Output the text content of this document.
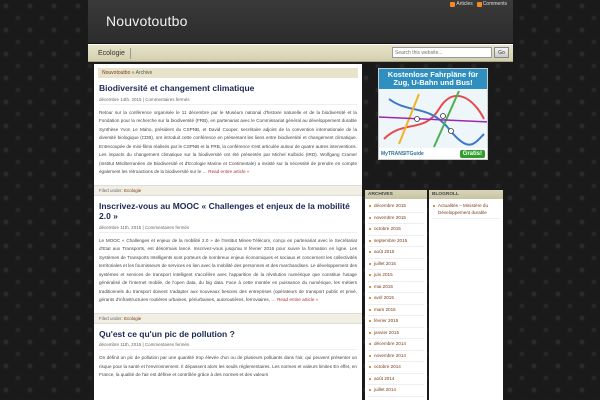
Nouvotoutbo
Articles Comments
Ecologie
Search this website...	Go
Nouvotoutbo » Archive
Biodiversité et changement climatique
décembre 14th, 2015 | Commentaires fermés
Retour sur la conférence organisée le 11 décembre par le Muséum national d'histoire naturelle et de la biodiversité et la Fondation pour la recherche sur la biodiversité (FRB), en partenariat avec le Commissariat général au développement durable Synthèse Yvon Le Maho, président du CSPNB, et David Cooper, secrétaire adjoint de la convention internationale de la diversité biologique (CDB), ont introduit cette conférence en présentant les liens entre biodiversité et changement climatique. Entrecoupée de mini-films réalisés par le CSPNB et la FRB, la conférence s'est articulée autour de quatre autres interventions. Les impacts du changement climatique sur la biodiversité ont été présentés par Michel Kulbicki (IRD). Wolfgang Cramer (Institut Méditerranéen de Biodiversité et d'Ecologie Marine et Continentale) a insisté sur la nécessité de prendre en compte également les rétroactions de la biodiversité sur le … Read entire article »
Filed under: Ecologie
Inscrivez-vous au MOOC « Challenges et enjeux de la mobilité 2.0 »
décembre 11th, 2015 | Commentaires fermés
Le MOOC « Challenges et enjeux de la mobilité 2.0 » de l'Institut Mines-Télécom, conçu en partenariat avec le Secrétariat d'Etat aux Transports, est désormais lancé. Inscrivez-vous jusqu'au 8 février 2016 pour suivre la formation en ligne. Les Systèmes de Transports Intelligents sont porteurs de nombreux enjeux économiques et sociaux et concernent les collectivités territoriales et les fournisseurs de services en lien avec la mobilité des personnes et des marchandises. Le développement des systèmes et services de transport intelligent s'accélère avec l'apparition de la révolution numérique que constitue l'usage généralisé de l'internet mobile, de l'open data, du big data. Face à cette montée en puissance du numérique, les métiers traditionnels du transport doivent s'adapter aux nouveaux besoins des entreprises (opérateurs de transport public et privé, gérants d'infrastructures routières urbaines, périurbaines, autoroutières, ferroviaires, … Read entire article »
Filed under: Ecologie
Qu'est ce qu'un pic de pollution ?
décembre 11th, 2015 | Commentaires fermés
On définit un pic de pollution par une quantité trop élevée d'un ou de plusieurs polluants dans l'air, qui peuvent présenter un risque pour la santé et l'environnement. Il dépassent alors les seuils réglementaires. Les normes et valeurs limites En effet, en France, la qualité de l'air est définie et contrôlée grâce à des normes et des valeurs
Kostenlose Fahrpläne für Zug, U-Bahn und Bus!
MyTRANSITGuide	Gratis!
ARCHIVES
décembre 2015
novembre 2015
octobre 2015
septembre 2015
août 2015
juillet 2015
juin 2015
mai 2015
avril 2015
mars 2015
février 2015
janvier 2015
décembre 2014
novembre 2014
octobre 2014
août 2014
juillet 2014
BLOGROLL
Actualités – Ministère du Développement durable
